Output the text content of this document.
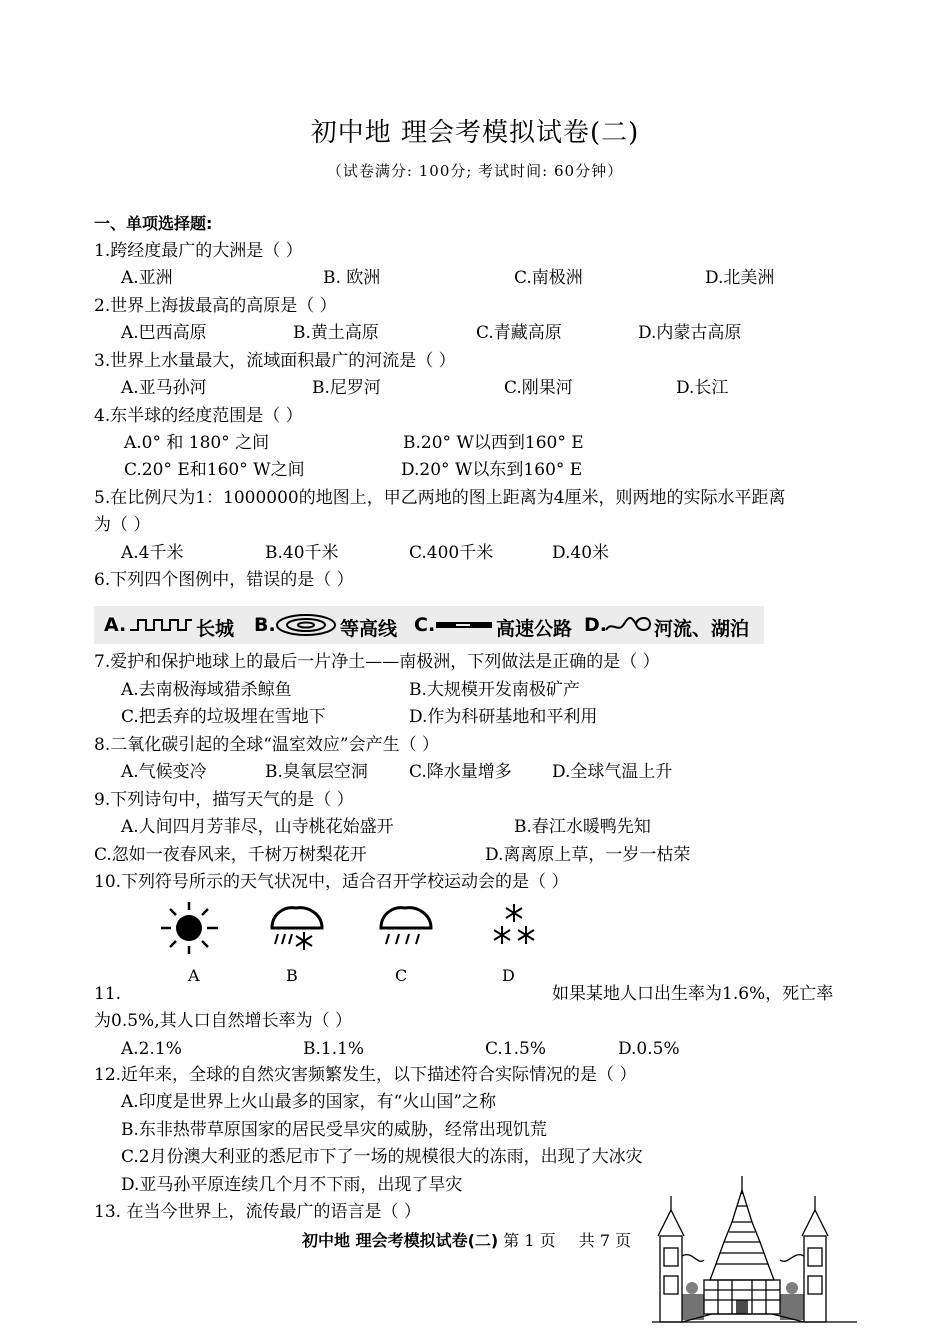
初中地 理会考模拟试卷(二)
（试卷满分: 100分; 考试时间: 60分钟）
一、单项选择题:
1.跨经度最广的大洲是（ ）
A.亚洲	B. 欧洲	C.南极洲	D.北美洲
2.世界上海拔最高的高原是（ ）
A.巴西高原	B.黄土高原	C.青藏高原	D.内蒙古高原
3.世界上水量最大，流域面积最广的河流是（ ）
A.亚马孙河	B.尼罗河	C.刚果河	D.长江
4.东半球的经度范围是（ ）
A.0° 和 180° 之间	B.20° W以西到160° E
C.20° E和160° W之间	D.20° W以东到160° E
5.在比例尺为1：1000000的地图上，甲乙两地的图上距离为4厘米，则两地的实际水平距离
为（ ）
A.4千米	B.40千米	C.400千米	D.40米
6.下列四个图例中，错误的是（ ）
A.	长城 B.	等高线 C.	高速公路 D. 河流、湖泊
7.爱护和保护地球上的最后一片净土——南极洲，下列做法是正确的是（ ）
A.去南极海域猎杀鲸鱼	B.大规模开发南极矿产
C.把丢弃的垃圾埋在雪地下	D.作为科研基地和平利用
8.二氧化碳引起的全球“温室效应”会产生（ ）
A.气候变冷	B.臭氧层空洞 C.降水量增多 D.全球气温上升
9.下列诗句中，描写天气的是（ ）
A.人间四月芳菲尽，山寺桃花始盛开	B.春江水暖鸭先知
C.忽如一夜春风来，千树万树梨花开	D.离离原上草，一岁一枯荣
10.下列符号所示的天气状况中，适合召开学校运动会的是（ ）
A	B	C	D
11.	如果某地人口出生率为1.6%，死亡率
为0.5%,其人口自然增长率为（ ）
A.2.1%	B.1.1%	C.1.5%	D.0.5%
12.近年来，全球的自然灾害频繁发生，以下描述符合实际情况的是（ ）
A.印度是世界上火山最多的国家，有“火山国”之称
B.东非热带草原国家的居民受旱灾的威胁，经常出现饥荒
C.2月份澳大利亚的悉尼市下了一场的规模很大的冻雨，出现了大冰灾
D.亚马孙平原连续几个月不下雨，出现了旱灾
13. 在当今世界上，流传最广的语言是（ ）
初中地 理会考模拟试卷(二) 第 1 页 共 7 页
